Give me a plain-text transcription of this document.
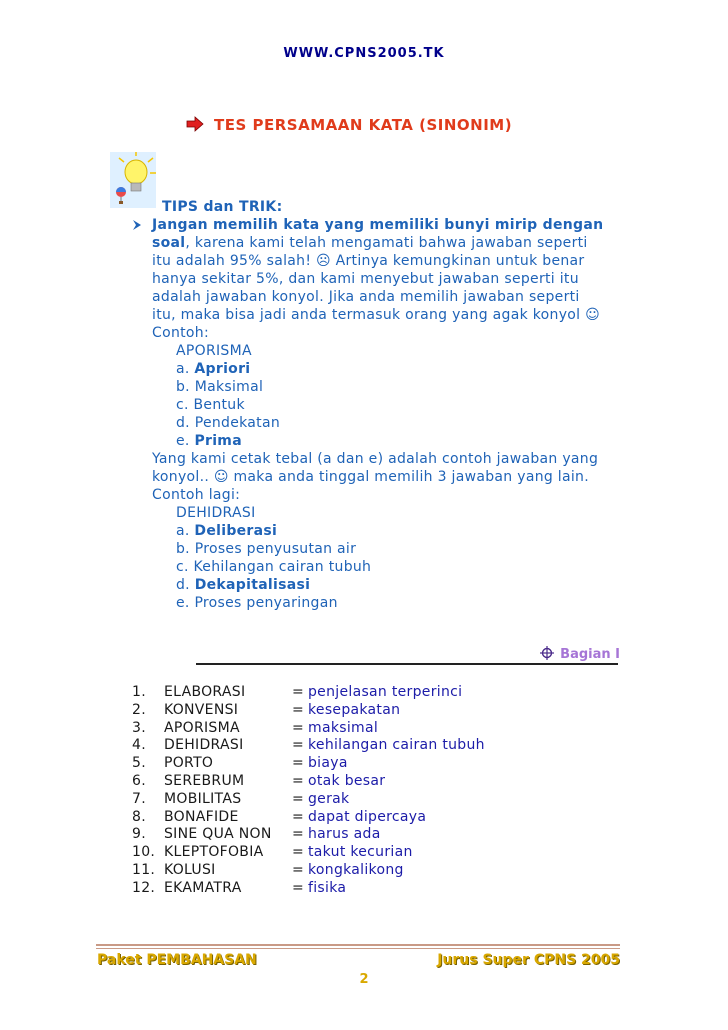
WWW.CPNS2005.TK
TES PERSAMAAN KATA (SINONIM)
TIPS dan TRIK:
Jangan memilih kata yang memiliki bunyi mirip dengan
soal, karena kami telah mengamati bahwa jawaban seperti
itu adalah 95% salah! ☹ Artinya kemungkinan untuk benar
hanya sekitar 5%, dan kami menyebut jawaban seperti itu
adalah jawaban konyol. Jika anda memilih jawaban seperti
itu, maka bisa jadi anda termasuk orang yang agak konyol ☺
Contoh:
APORISMA
a. Apriori
b. Maksimal
c. Bentuk
d. Pendekatan
e. Prima
Yang kami cetak tebal (a dan e) adalah contoh jawaban yang
konyol.. ☺ maka anda tinggal memilih 3 jawaban yang lain.
Contoh lagi:
DEHIDRASI
a. Deliberasi
b. Proses penyusutan air
c. Kehilangan cairan tubuh
d. Dekapitalisasi
e. Proses penyaringan
Bagian I
1.	ELABORASI	= penjelasan terperinci
2.	KONVENSI	= kesepakatan
3.	APORISMA	= maksimal
4.	DEHIDRASI	= kehilangan cairan tubuh
5.	PORTO	= biaya
6.	SEREBRUM	= otak besar
7.	MOBILITAS	= gerak
8.	BONAFIDE	= dapat dipercaya
9.	SINE QUA NON	= harus ada
10. KLEPTOFOBIA	= takut kecurian
11. KOLUSI	= kongkalikong
12. EKAMATRA	= fisika
Paket PEMBAHASAN	Jurus Super CPNS 2005
2
